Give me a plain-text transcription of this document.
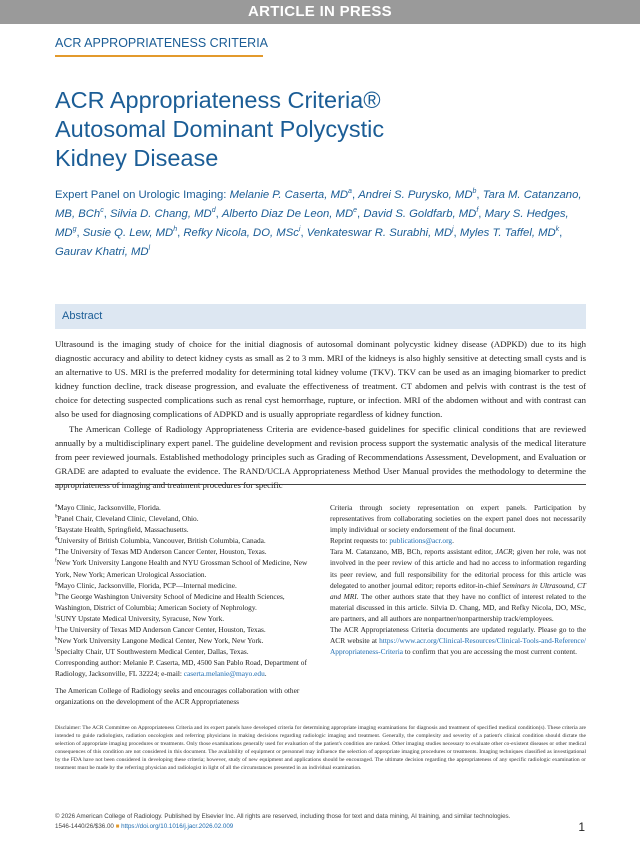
ARTICLE IN PRESS
ACR APPROPRIATENESS CRITERIA
ACR Appropriateness Criteria®
Autosomal Dominant Polycystic
Kidney Disease
Expert Panel on Urologic Imaging: Melanie P. Caserta, $MD^a$, Andrei S. Purysko, $MD^b$, Tara M. Catanzano, MB, BCh$^c$, Silvia D. Chang, $MD^d$, Alberto Diaz De Leon, MDe, David S. Goldfarb, $MD^f$, Mary S. Hedges, $MD^g$, Susie Q. Lew, $MD^h$, Refky Nicola, DO, MSc$^i$, Venkateswar R. Surabhi, $MD^j$, Myles T. Taffel, $MD^k$, Gaurav Khatri, $MD^l$
Abstract

Ultrasound is the imaging study of choice for the initial diagnosis of autosomal dominant polycystic kidney disease (ADPKD) due to its high diagnostic accuracy and ability to detect kidney cysts as small as 2 to 3 mm. MRI of the kidneys is also highly sensitive at detecting small cysts and is an alternative to US. MRI is the preferred modality for determining total kidney volume (TKV). TKV can be used as an imaging biomarker to predict kidney function decline, track disease progression, and evaluate the effectiveness of treatment. CT abdomen and pelvis with contrast is the test of choice for detecting suspected complications such as renal cyst hemorrhage, rupture, or infection. MRI of the abdomen without and with contrast can also be used for diagnosing complications of ADPKD and is usually appropriate regardless of kidney function.

The American College of Radiology Appropriateness Criteria are evidence-based guidelines for specific clinical conditions that are reviewed annually by a multidisciplinary expert panel. The guideline development and revision process support the systematic analysis of the medical literature from peer reviewed journals. Established methodology principles such as Grading of Recommendations Assessment, Development, and Evaluation or GRADE are adapted to evaluate the evidence. The RAND/UCLA Appropriateness Method User Manual provides the methodology to determine the

$^a$Mayo Clinic, Jacksonville, Florida.

$^b$Panel Chair, Cleveland Clinic, Cleveland, Ohio.

$^c$Baystate Health, Springfield, Massachusetts.

$^d$University of British Columbia, Vancouver, British Columbia, Canada.

$^e$The University of Texas MD Anderson Cancer Center, Houston, Texas.

$^f$New York University Langone Health and NYU Grossman School of Medicine, New York, New York; American Urological Association.

$^g$Mayo Clinic, Jacksonville, Florida, PCP—Internal medicine.

$^h$The George Washington University School of Medicine and Health Sciences, Washington, District of Columbia; American Society of Nephrology.

$^i$SUNY Upstate Medical University, Syracuse, New York.

$^j$The University of Texas MD Anderson Cancer Center, Houston, Texas.

$^k$New York University Langone Medical Center, New York, New York.

$^l$Specialty Chair, UT Southwestern Medical Center, Dallas, Texas.

Corresponding author: Melanie P. Caserta, MD, 4500 San Pablo Road, Department of Radiology, Jacksonville, FL 32224; e-mail: caserta.melanie@mayo.edu.

The American College of Radiology seeks and encourages collaboration with other organizations on the development of the ACR Appropriateness

Criteria through society representation on expert panels. Participation by representatives from collaborating societies on the expert panel does not necessarily imply individual or society endorsement of the final document.

Reprint requests to: publications@acr.org.

Tara M. Catanzano, MB, BCh, reports assistant editor, JACR; given her role, was not involved in the peer review of this article and had no access to information regarding its peer review, and full responsibility for the editorial process for this article was delegated to another journal editor; reports editor-in-chief Seminars in Ultrasound, CT and MRI. The other authors state that they have no conflict of interest related to the material discussed in this article. Silvia D. Chang, MD, and Refky Nicola, DO, MSc, are partners, and all authors are nonpartner/nonpartnership track/employees.

The ACR Appropriateness Criteria documents are updated regularly. Please go to the ACR website at https://www.acr.org/Clinical-Resources/Clinical-Tools-and-Reference/Appropriateness-Criteria to confirm that you are accessing the most current content.

Disclaimer: The ACR Committee on Appropriateness Criteria and its expert panels have developed criteria for determining appropriate imaging examinations for diagnosis and treatment of specified medical condition(s). These criteria are intended to guide radiologists, radiation oncologists and referring physicians in making decisions regarding radiologic imaging and treatment. Generally, the complexity and severity of a patient's clinical condition should dictate the selection of appropriate imaging procedures or treatments. Only those examinations generally used for evaluation of the patient's condition are ranked. Other imaging studies necessary to evaluate other co-existent diseases or other medical consequences of this condition are not considered in this document. The availability of equipment or personnel may influence the selection of appropriate imaging procedures or treatments. Imaging techniques classified as investigational by the FDA have not been considered in developing these criteria; however, study of new equipment and applications should be encouraged. The ultimate decision regarding the appropriateness of any specific radiologic examination or treatment must be made by the referring physician and radiologist in light of all the circumstances presented in an individual examination.
© 2026 American College of Radiology. Published by Elsevier Inc. All rights are reserved, including those for text and data mining, AI training, and similar technologies.
1546-1440/26/$36.00 ■ https://doi.org/10.1016/j.jacr.2026.02.009	1
